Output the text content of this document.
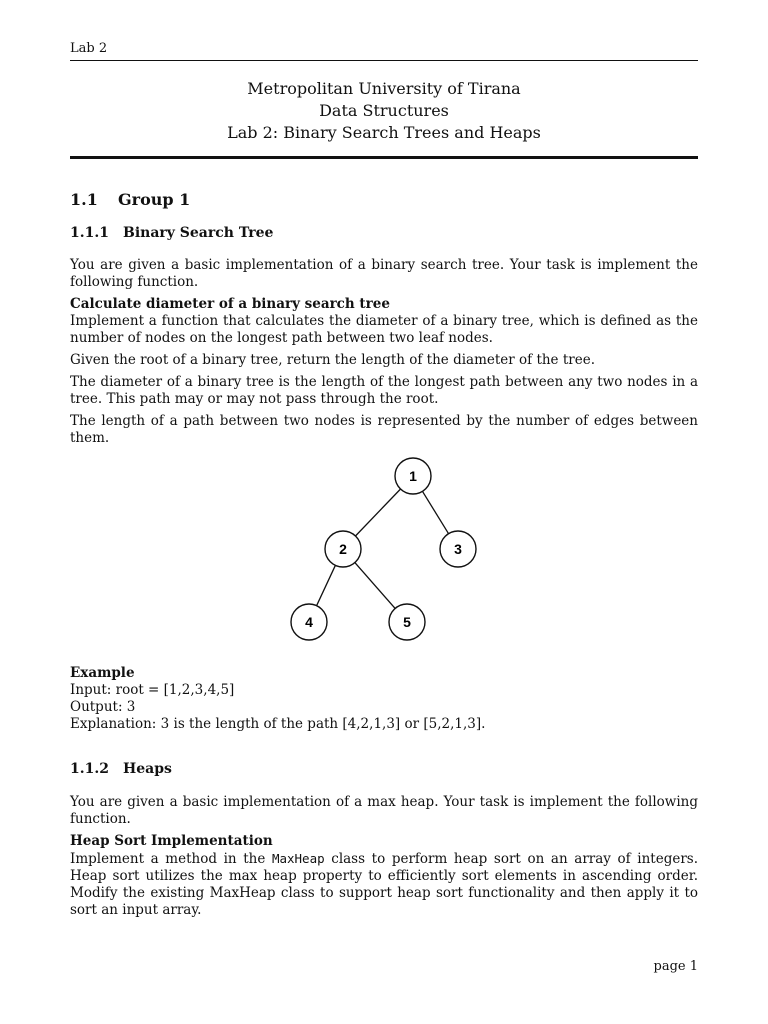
Lab 2
Metropolitan University of Tirana
Data Structures
Lab 2: Binary Search Trees and Heaps
1.1 Group 1
1.1.1 Binary Search Tree

You are given a basic implementation of a binary search tree. Your task is implement the following function.

Calculate diameter of a binary search tree

Implement a function that calculates the diameter of a binary tree, which is defined as the number of nodes on the longest path between two leaf nodes.

Given the root of a binary tree, return the length of the diameter of the tree.

The diameter of a binary tree is the length of the longest path between any two nodes in a tree. This path may or may not pass through the root.

The length of a path between two nodes is represented by the number of edges between them.

1
2	3
4	5

Example

Input: root = [1,2,3,4,5]

Output: 3

Explanation: 3 is the length of the path [4,2,1,3] or [5,2,1,3].

1.1.2 Heaps

You are given a basic implementation of a max heap. Your task is implement the following function.

Heap Sort Implementation

Implement a method in the MaxHeap class to perform heap sort on an array of integers. Heap sort utilizes the max heap property to efficiently sort elements in ascending order. Modify the existing MaxHeap class to support heap sort functionality and then apply it to sort an input array.

page 1
